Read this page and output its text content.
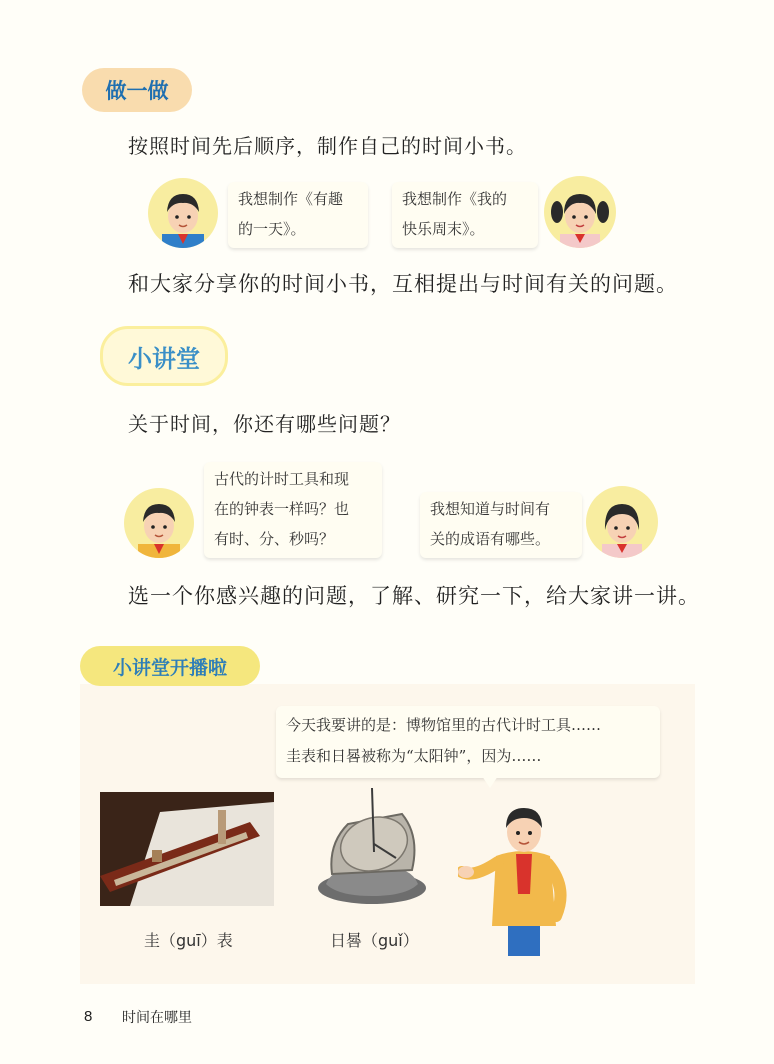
做一做
按照时间先后顺序，制作自己的时间小书。
我想制作《有趣
的一天》。
我想制作《我的
快乐周末》。
和大家分享你的时间小书，互相提出与时间有关的问题。
小讲堂
关于时间，你还有哪些问题？
古代的计时工具和现
在的钟表一样吗？也
有时、分、秒吗？
我想知道与时间有
关的成语有哪些。
选一个你感兴趣的问题，了解、研究一下，给大家讲一讲。
小讲堂开播啦
今天我要讲的是：博物馆里的古代计时工具……
圭表和日晷被称为“太阳钟”，因为……
圭（guī）表	日晷（guǐ）
8 时间在哪里
